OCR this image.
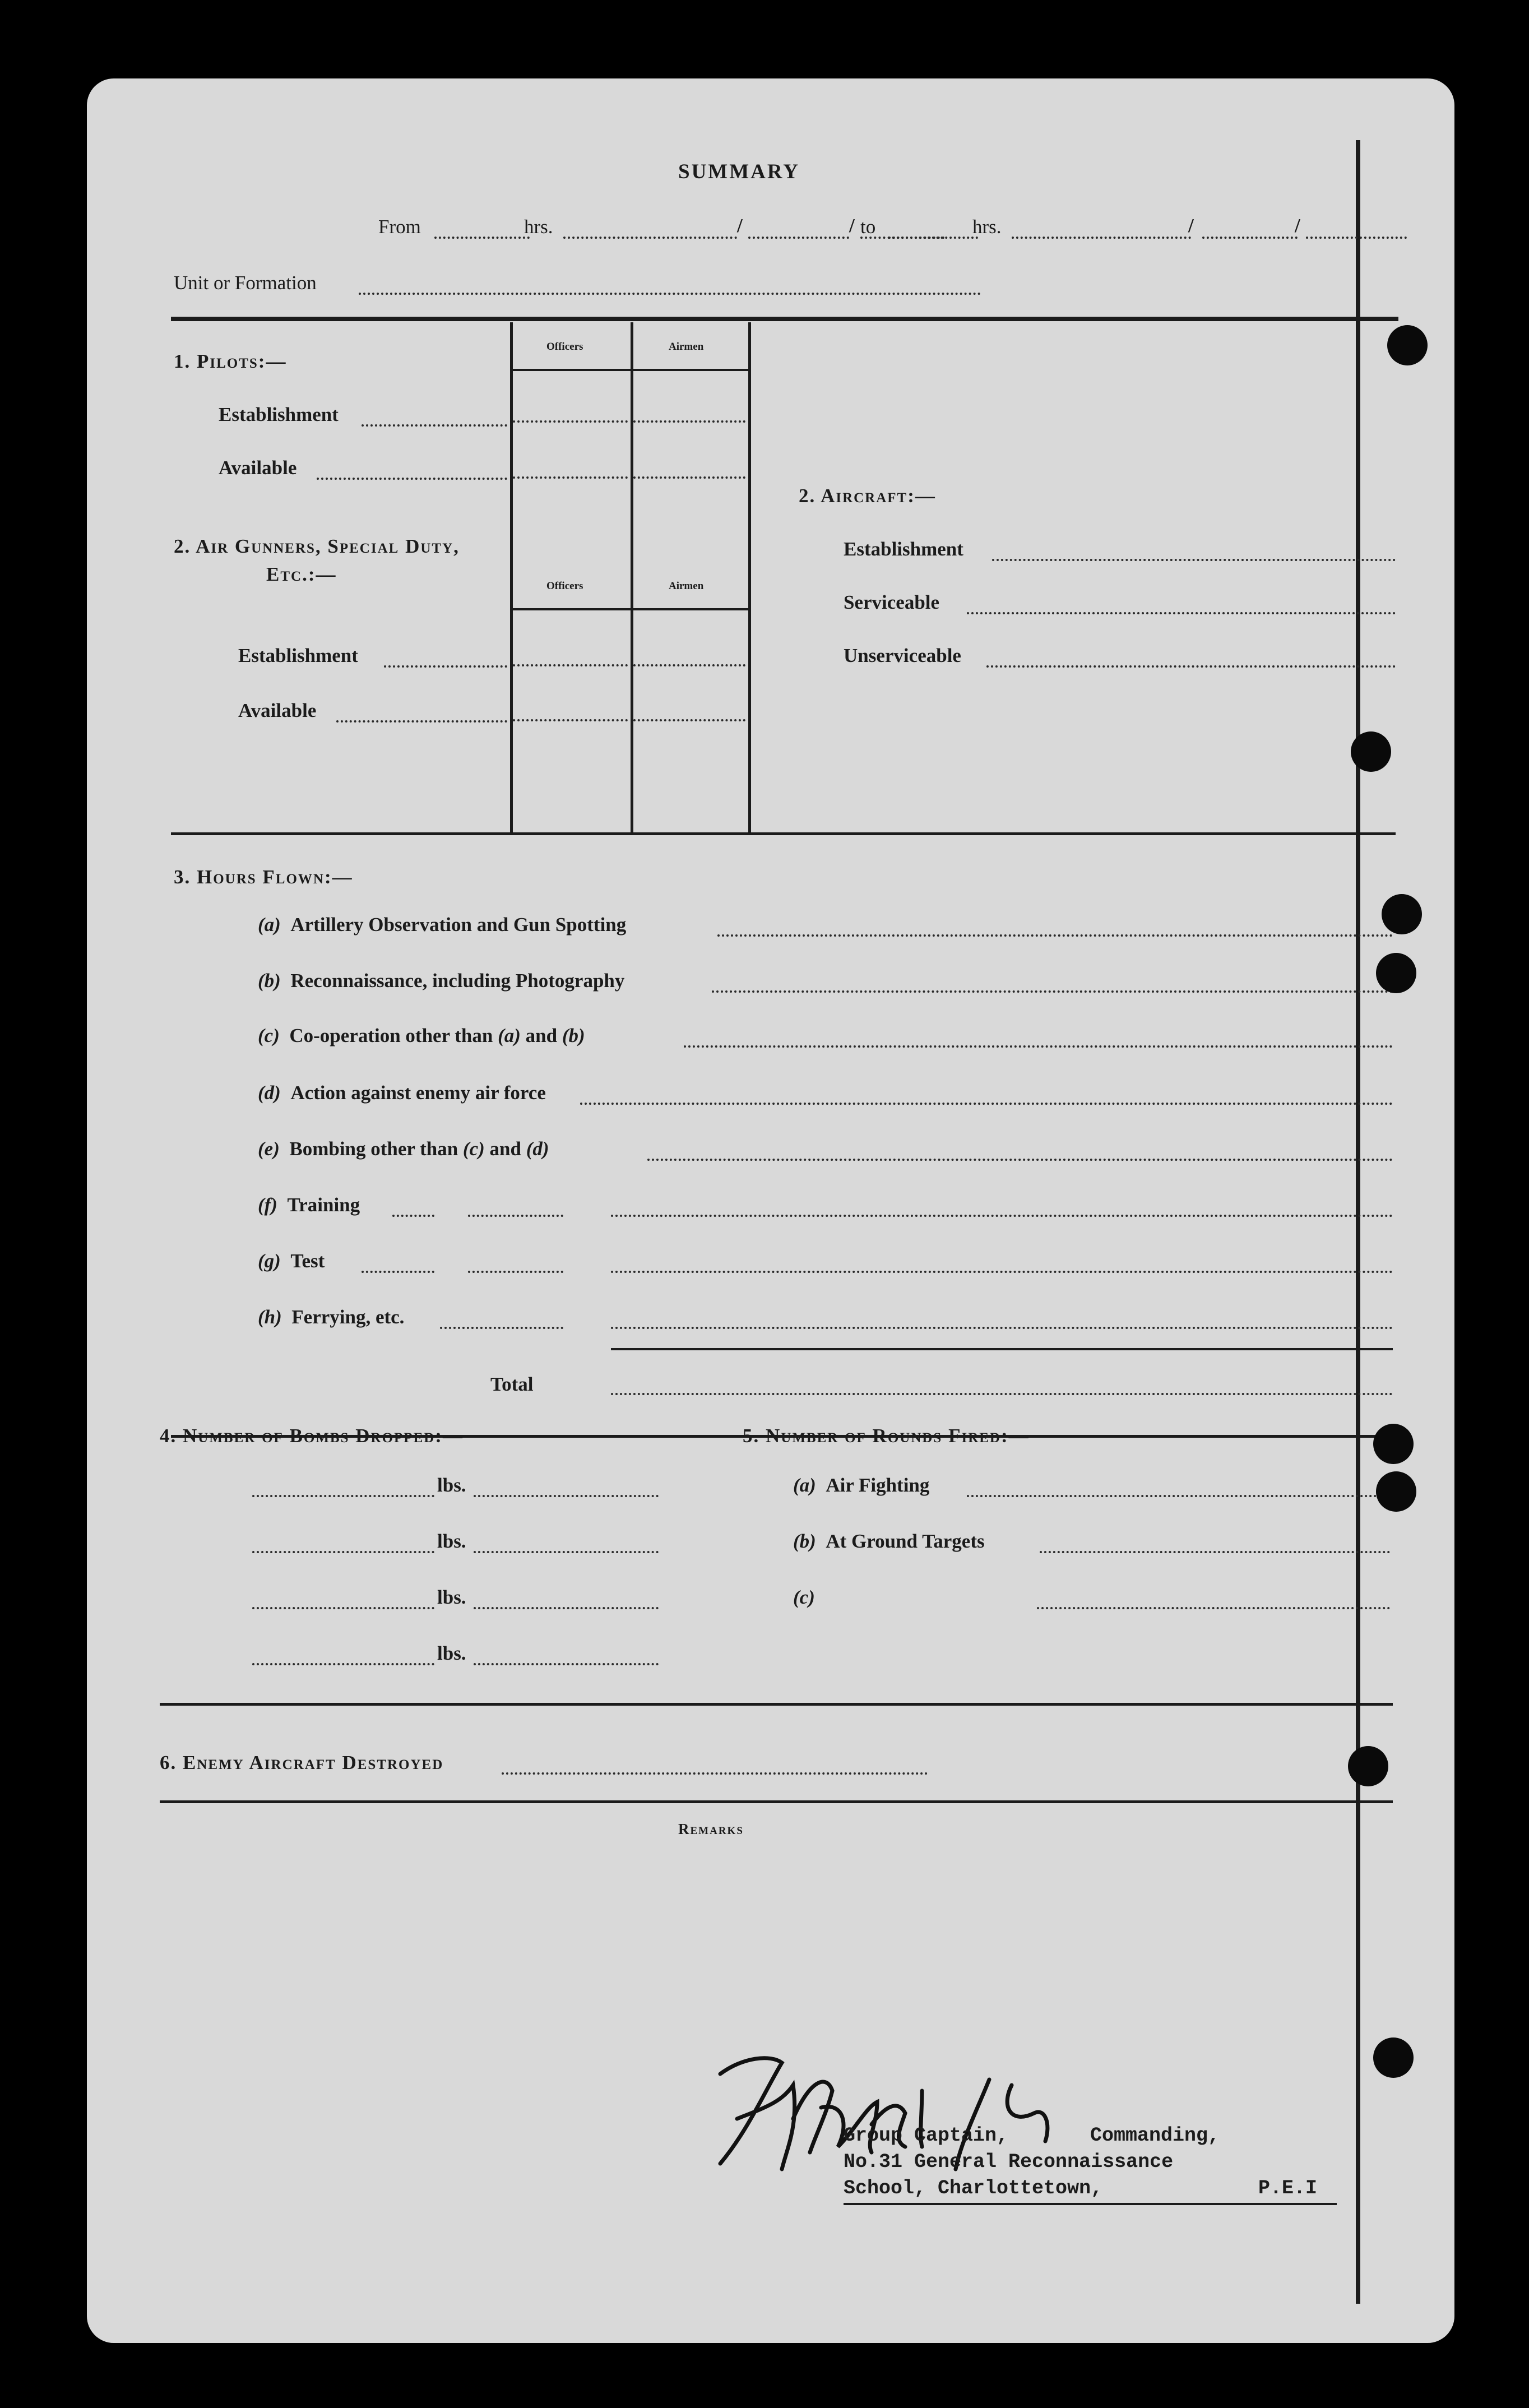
SUMMARY
From	hrs.	/	/ to	hrs.	/	/
Unit or Formation
Officers	Airmen
1. Pilots:—
Establishment
Available
2. Air Gunners, Special Duty,
Etc.:—
Officers	Airmen
Establishment
Available
2. Aircraft:—
Establishment
Serviceable
Unserviceable
3. Hours Flown:—
(a) Artillery Observation and Gun Spotting
(b) Reconnaissance, including Photography
(c) Co-operation other than (a) and (b)
(d) Action against enemy air force
(e) Bombing other than (c) and (d)
(f) Training
(g) Test
(h) Ferrying, etc.
Total
4. Number of Bombs Dropped:—
lbs.
lbs.
lbs.
lbs.
5. Number of Rounds Fired:—
(a) Air Fighting
(b) At Ground Targets
(c)
6. Enemy Aircraft Destroyed
Remarks
Group Captain,	Commanding,
No.31 General Reconnaissance
School, Charlottetown,	P.E.I
